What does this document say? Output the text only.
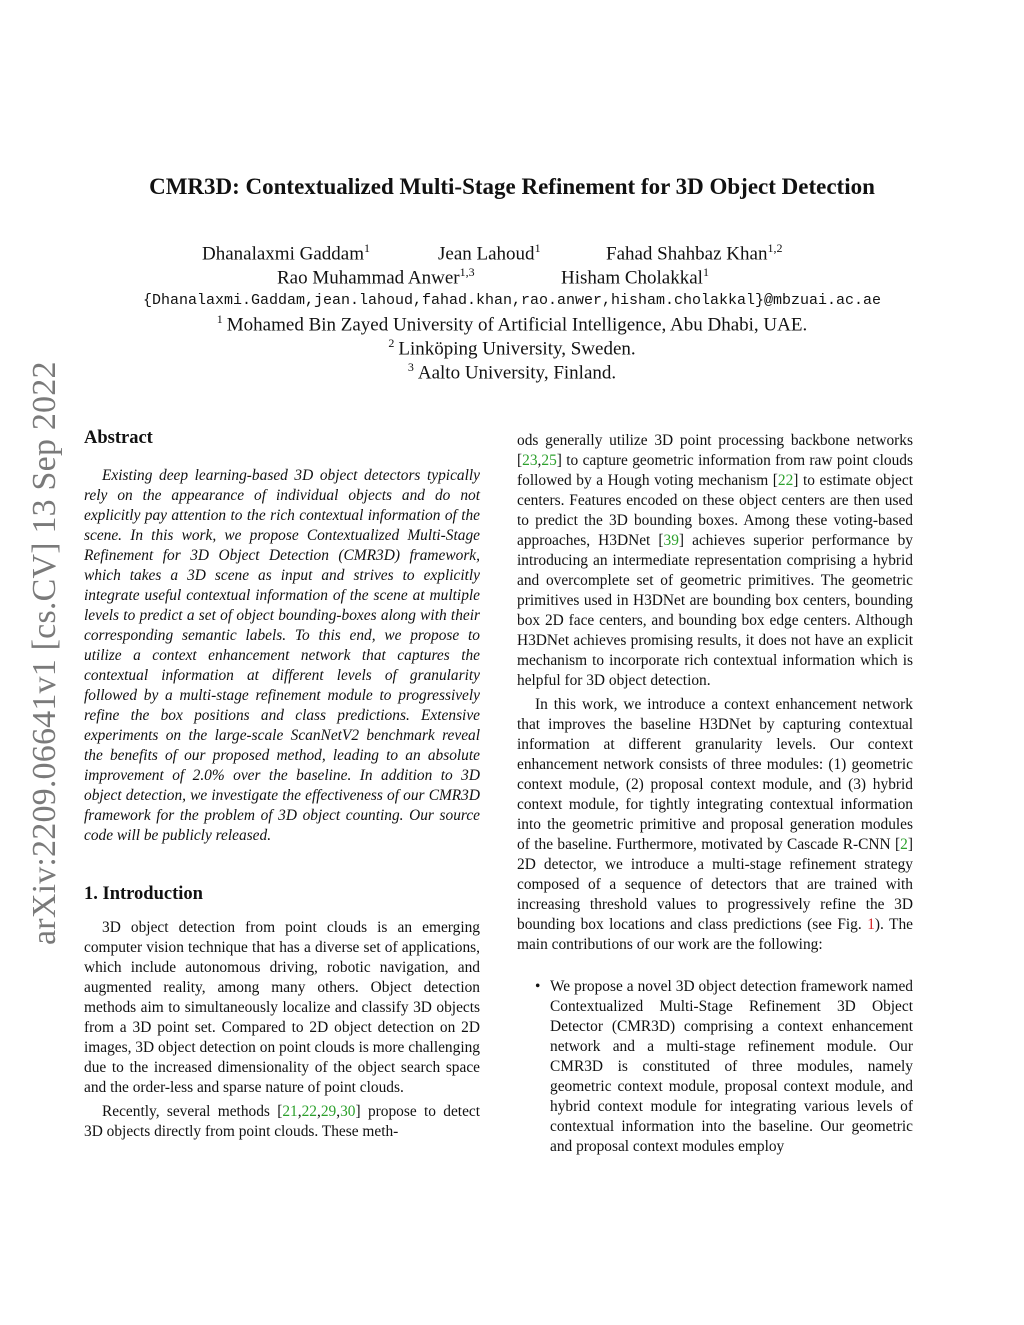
arXiv:2209.06641v1 [cs.CV] 13 Sep 2022
CMR3D: Contextualized Multi-Stage Refinement for 3D Object Detection
Dhanalaxmi Gaddam$^1$	Jean Lahoud$^1$	Fahad Shahbaz Khan$^{1,2}$
Rao Muhammad Anwer$^{1,3}$	Hisham Cholakkal$^1$
{Dhanalaxmi.Gaddam,jean.lahoud,fahad.khan,rao.anwer,hisham.cholakkal}@mbzuai.ac.ae
$^1$ Mohamed Bin Zayed University of Artificial Intelligence, Abu Dhabi, UAE.
$^2$ Linköping University, Sweden.
$^3$ Aalto University, Finland.

Abstract

Existing deep learning-based 3D object detectors typically rely on the appearance of individual objects and do not explicitly pay attention to the rich contextual information of the scene. In this work, we propose Contextualized Multi-Stage Refinement for 3D Object Detection (CMR3D) framework, which takes a 3D scene as input and strives to explicitly integrate useful contextual information of the scene at multiple levels to predict a set of object bounding-boxes along with their corresponding semantic labels. To this end, we propose to utilize a context enhancement network that captures the contextual information at different levels of granularity followed by a multi-stage refinement module to progressively refine the box positions and class predictions. Extensive experiments on the large-scale ScanNetV2 benchmark reveal the benefits of our proposed method, leading to an absolute improvement of 2.0% over the baseline. In addition to 3D object detection, we investigate the effectiveness of our CMR3D framework for the problem of 3D object counting. Our source code will be publicly released.

1. Introduction

3D object detection from point clouds is an emerging computer vision technique that has a diverse set of applications, which include autonomous driving, robotic navigation, and augmented reality, among many others. Object detection methods aim to simultaneously localize and classify 3D objects from a 3D point set. Compared to 2D object detection on 2D images, 3D object detection on point clouds is more challenging due to the increased dimensionality of the object search space and the order-less and sparse nature of point clouds.

Recently, several methods [21,22,29,30] propose to detect 3D objects directly from point clouds. These meth-

ods generally utilize 3D point processing backbone networks [23,25] to capture geometric information from raw point clouds followed by a Hough voting mechanism [22] to estimate object centers. Features encoded on these object centers are then used to predict the 3D bounding boxes. Among these voting-based approaches, H3DNet [39] achieves superior performance by introducing an intermediate representation comprising a hybrid and overcomplete set of geometric primitives. The geometric primitives used in H3DNet are bounding box centers, bounding box 2D face centers, and bounding box edge centers. Although H3DNet achieves promising results, it does not have an explicit mechanism to incorporate rich contextual information which is helpful for 3D object detection.

In this work, we introduce a context enhancement network that improves the baseline H3DNet by capturing contextual information at different granularity levels. Our context enhancement network consists of three modules: (1) geometric context module, (2) proposal context module, and (3) hybrid context module, for tightly integrating contextual information into the geometric primitive and proposal generation modules of the baseline. Furthermore, motivated by Cascade R-CNN [2] 2D detector, we introduce a multi-stage refinement strategy composed of a sequence of detectors that are trained with increasing threshold values to progressively refine the 3D bounding box locations and class predictions (see Fig. 1). The main contributions of our work are the following:

• We propose a novel 3D object detection framework named Contextualized Multi-Stage Refinement 3D Object Detector (CMR3D) comprising a context enhancement network and a multi-stage refinement module. Our CMR3D is constituted of three modules, namely geometric context module, proposal context module, and hybrid context module for integrating various levels of contextual information into the baseline. Our geometric and proposal context modules employ
